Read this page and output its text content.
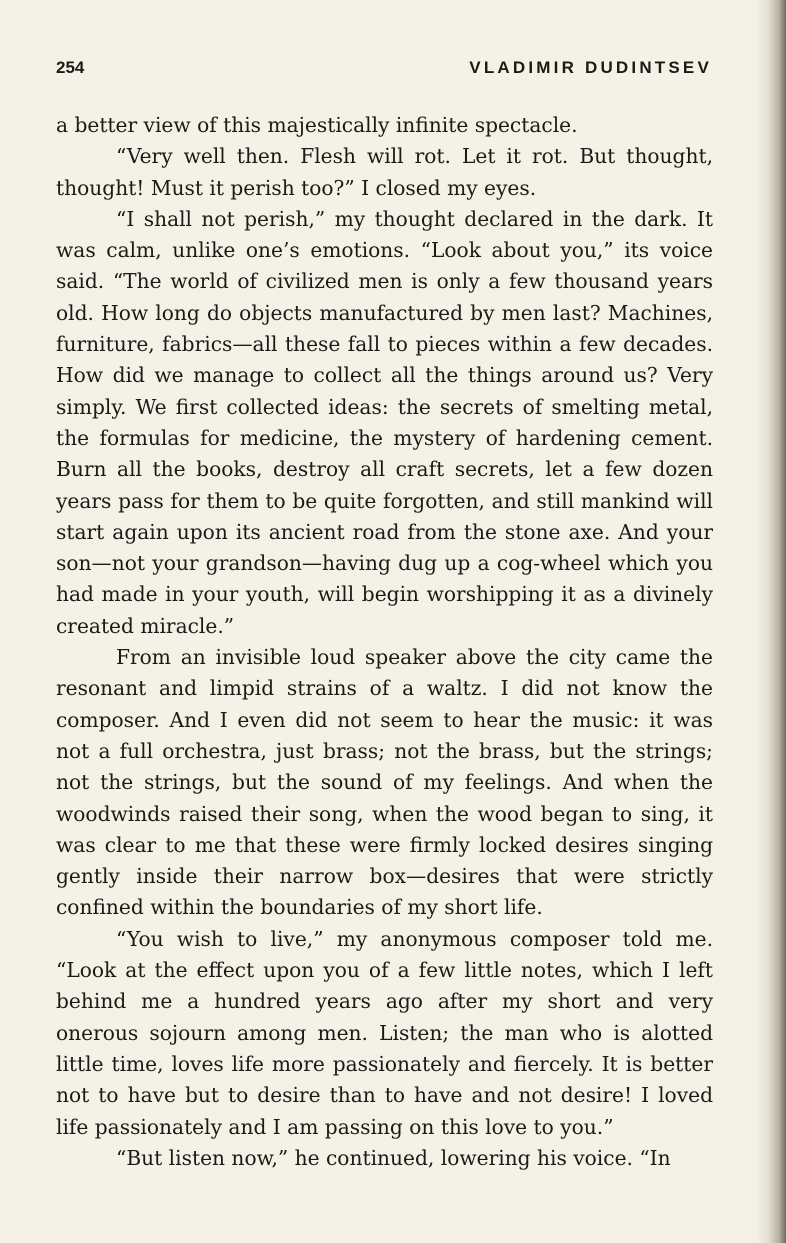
254	VLADIMIR DUDINTSEV

a better view of this majestically infinite spectacle.

“Very well then. Flesh will rot. Let it rot. But thought, thought! Must it perish too?” I closed my eyes.

“I shall not perish,” my thought declared in the dark. It was calm, unlike one’s emotions. “Look about you,” its voice said. “The world of civilized men is only a few thousand years old. How long do objects manufactured by men last? Machines, furniture, fabrics—all these fall to pieces within a few decades. How did we manage to collect all the things around us? Very simply. We first collected ideas: the secrets of smelting metal, the formulas for medicine, the mystery of hardening cement. Burn all the books, destroy all craft secrets, let a few dozen years pass for them to be quite forgotten, and still mankind will start again upon its ancient road from the stone axe. And your son—not your grandson—having dug up a cog-wheel which you had made in your youth, will begin worshipping it as a divinely created miracle.”

From an invisible loud speaker above the city came the resonant and limpid strains of a waltz. I did not know the composer. And I even did not seem to hear the music: it was not a full orchestra, just brass; not the brass, but the strings; not the strings, but the sound of my feelings. And when the woodwinds raised their song, when the wood began to sing, it was clear to me that these were firmly locked desires singing gently inside their narrow box—desires that were strictly confined within the boundaries of my short life.

“You wish to live,” my anonymous composer told me. “Look at the effect upon you of a few little notes, which I left behind me a hundred years ago after my short and very onerous sojourn among men. Listen; the man who is alotted little time, loves life more passionately and fiercely. It is better not to have but to desire than to have and not desire! I loved life passionately and I am passing on this love to you.”

“But listen now,” he continued, lowering his voice. “In
